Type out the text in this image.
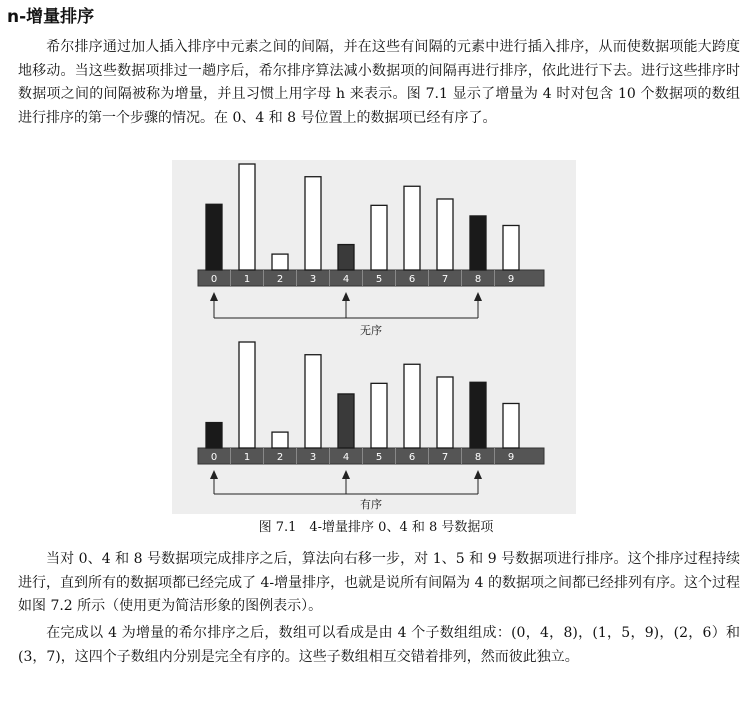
n-增量排序

希尔排序通过加人插入排序中元素之间的间隔，并在这些有间隔的元素中进行插入排序，从而使数据项能大跨度地移动。当这些数据项排过一趟序后，希尔排序算法减小数据项的间隔再进行排序，依此进行下去。进行这些排序时数据项之间的间隔被称为增量，并且习惯上用字母 h 来表示。图 7.1 显示了增量为 4 时对包含 10 个数据项的数组进行排序的第一个步骤的情况。在 0、4 和 8 号位置上的数据项已经有序了。

0	1	2	3	4	5	6	7	8	9
无序
0	1	2	3	4	5	6	7	8	9
有序
图 7.1　4-增量排序 0、4 和 8 号数据项

当对 0、4 和 8 号数据项完成排序之后，算法向右移一步，对 1、5 和 9 号数据项进行排序。这个排序过程持续进行，直到所有的数据项都已经完成了 4-增量排序，也就是说所有间隔为 4 的数据项之间都已经排列有序。这个过程如图 7.2 所示（使用更为简洁形象的图例表示）。

在完成以 4 为增量的希尔排序之后，数组可以看成是由 4 个子数组组成：(0，4，8)，(1，5，9)，(2，6）和 (3，7)，这四个子数组内分别是完全有序的。这些子数组相互交错着排列，然而彼此独立。
